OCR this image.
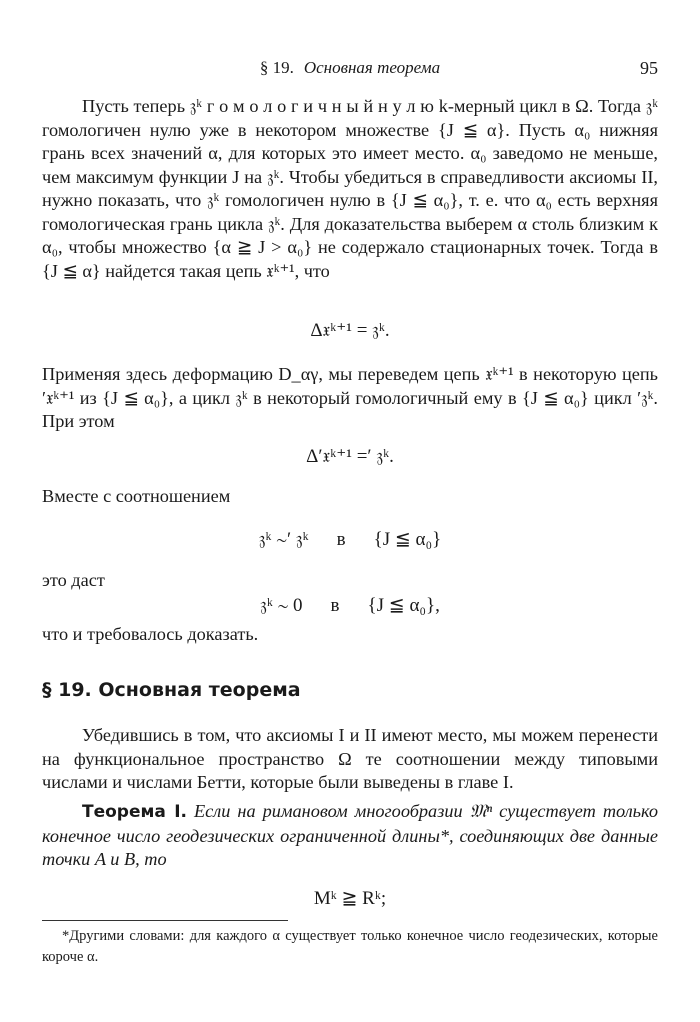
§ 19. Основная теорема	95
Пусть теперь 𝔷ᵏ г о м о л о г и ч н ы й н у л ю k-мерный цикл в Ω. Тогда 𝔷ᵏ гомологичен нулю уже в некотором множестве {J ≦ α}. Пусть α₀ нижняя грань всех значений α, для которых это имеет место. α₀ заведомо не меньше, чем максимум функции J на 𝔷ᵏ. Чтобы убедиться в справедливости аксиомы II, нужно показать, что 𝔷ᵏ гомологичен нулю в {J ≦ α₀}, т. е. что α₀ есть верхняя гомологическая грань цикла 𝔷ᵏ. Для доказательства выберем α столь близким к α₀, чтобы множество {α ≧ J > α₀} не содержало стационарных точек. Тогда в {J ≦ α} найдется такая цепь 𝔵ᵏ⁺¹, что
Δ𝔵ᵏ⁺¹ = 𝔷ᵏ.
Применяя здесь деформацию D_αγ, мы переведем цепь 𝔵ᵏ⁺¹ в некоторую цепь ′𝔵ᵏ⁺¹ из {J ≦ α₀}, а цикл 𝔷ᵏ в некоторый гомологичный ему в {J ≦ α₀} цикл ′𝔷ᵏ. При этом
Δ′𝔵ᵏ⁺¹ =′ 𝔷ᵏ.
Вместе с соотношением
𝔷ᵏ ∼′ 𝔷ᵏ в {J ≦ α₀}
это даст
𝔷ᵏ ∼ 0 в {J ≦ α₀},
что и требовалось доказать.
§ 19. Основная теорема
Убедившись в том, что аксиомы I и II имеют место, мы можем перенести на функциональное пространство Ω те соотношении между типовыми числами и числами Бетти, которые были выведены в главе I.
Теорема I. Если на римановом многообразии 𝔐ⁿ существует только конечное число геодезических ограниченной длины*, соединяющих две данные точки A и B, то
Mᵏ ≧ Rᵏ;
*Другими словами: для каждого α существует только конечное число геодезических, которые короче α.
